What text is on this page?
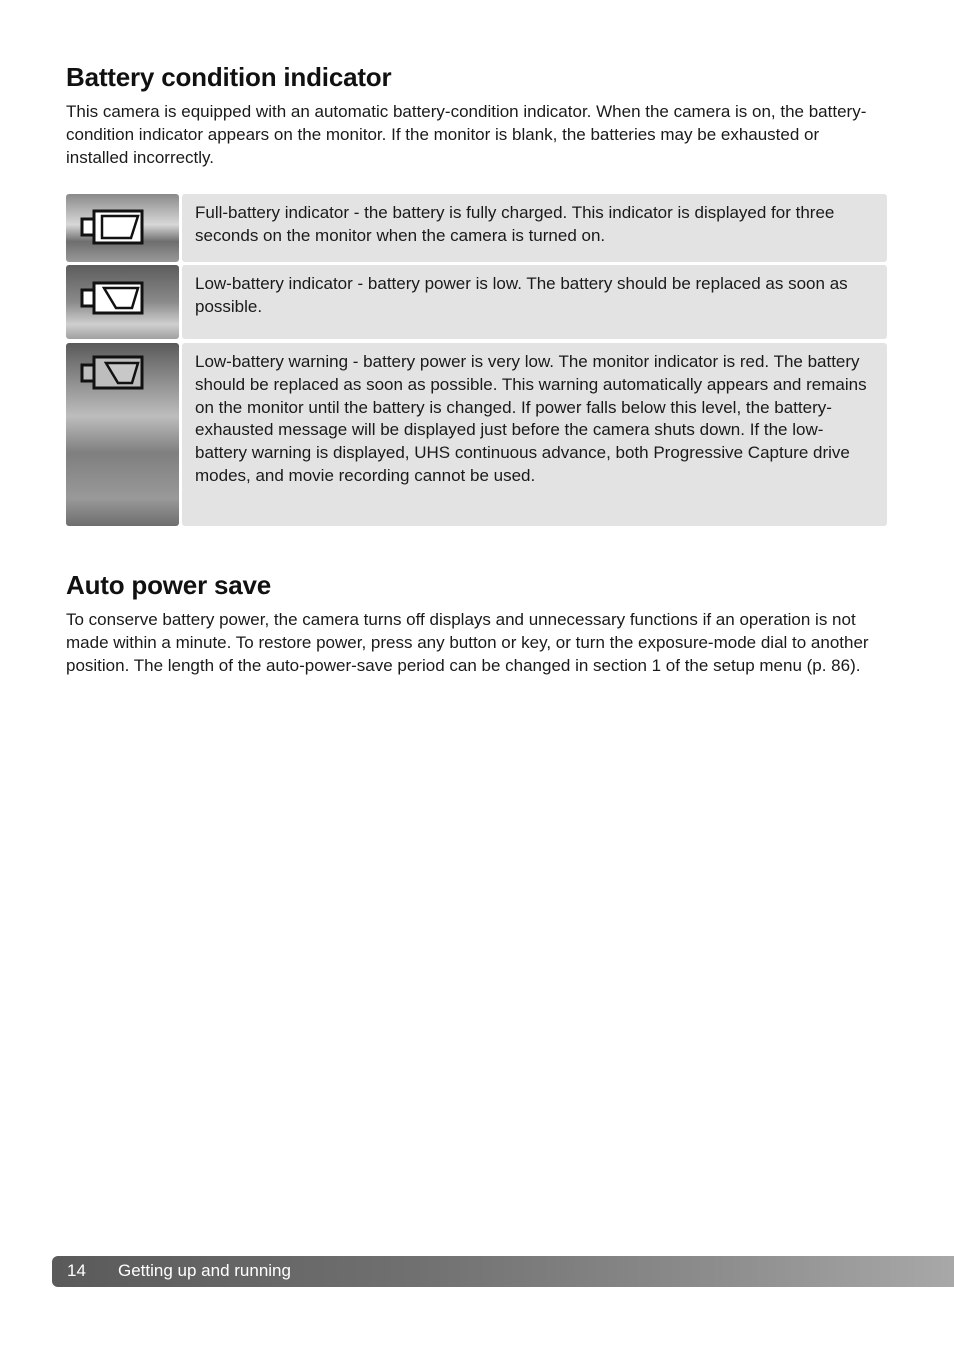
Battery condition indicator

This camera is equipped with an automatic battery-condition indicator. When the camera is on, the battery-condition indicator appears on the monitor. If the monitor is blank, the batteries may be exhausted or installed incorrectly.

Full-battery indicator - the battery is fully charged. This indicator is displayed for three seconds on the monitor when the camera is turned on.
Low-battery indicator - battery power is low. The battery should be replaced as soon as possible.
Low-battery warning - battery power is very low. The monitor indicator is red. The battery should be replaced as soon as possible. This warning automatically appears and remains on the monitor until the battery is changed. If power falls below this level, the battery-exhausted message will be displayed just before the camera shuts down. If the low-battery warning is displayed, UHS continuous advance, both Progressive Capture drive modes, and movie recording cannot be used.
Auto power save

To conserve battery power, the camera turns off displays and unnecessary functions if an operation is not made within a minute. To restore power, press any button or key, or turn the exposure-mode dial to another position. The length of the auto-power-save period can be changed in section 1 of the setup menu (p. 86).

14 Getting up and running
